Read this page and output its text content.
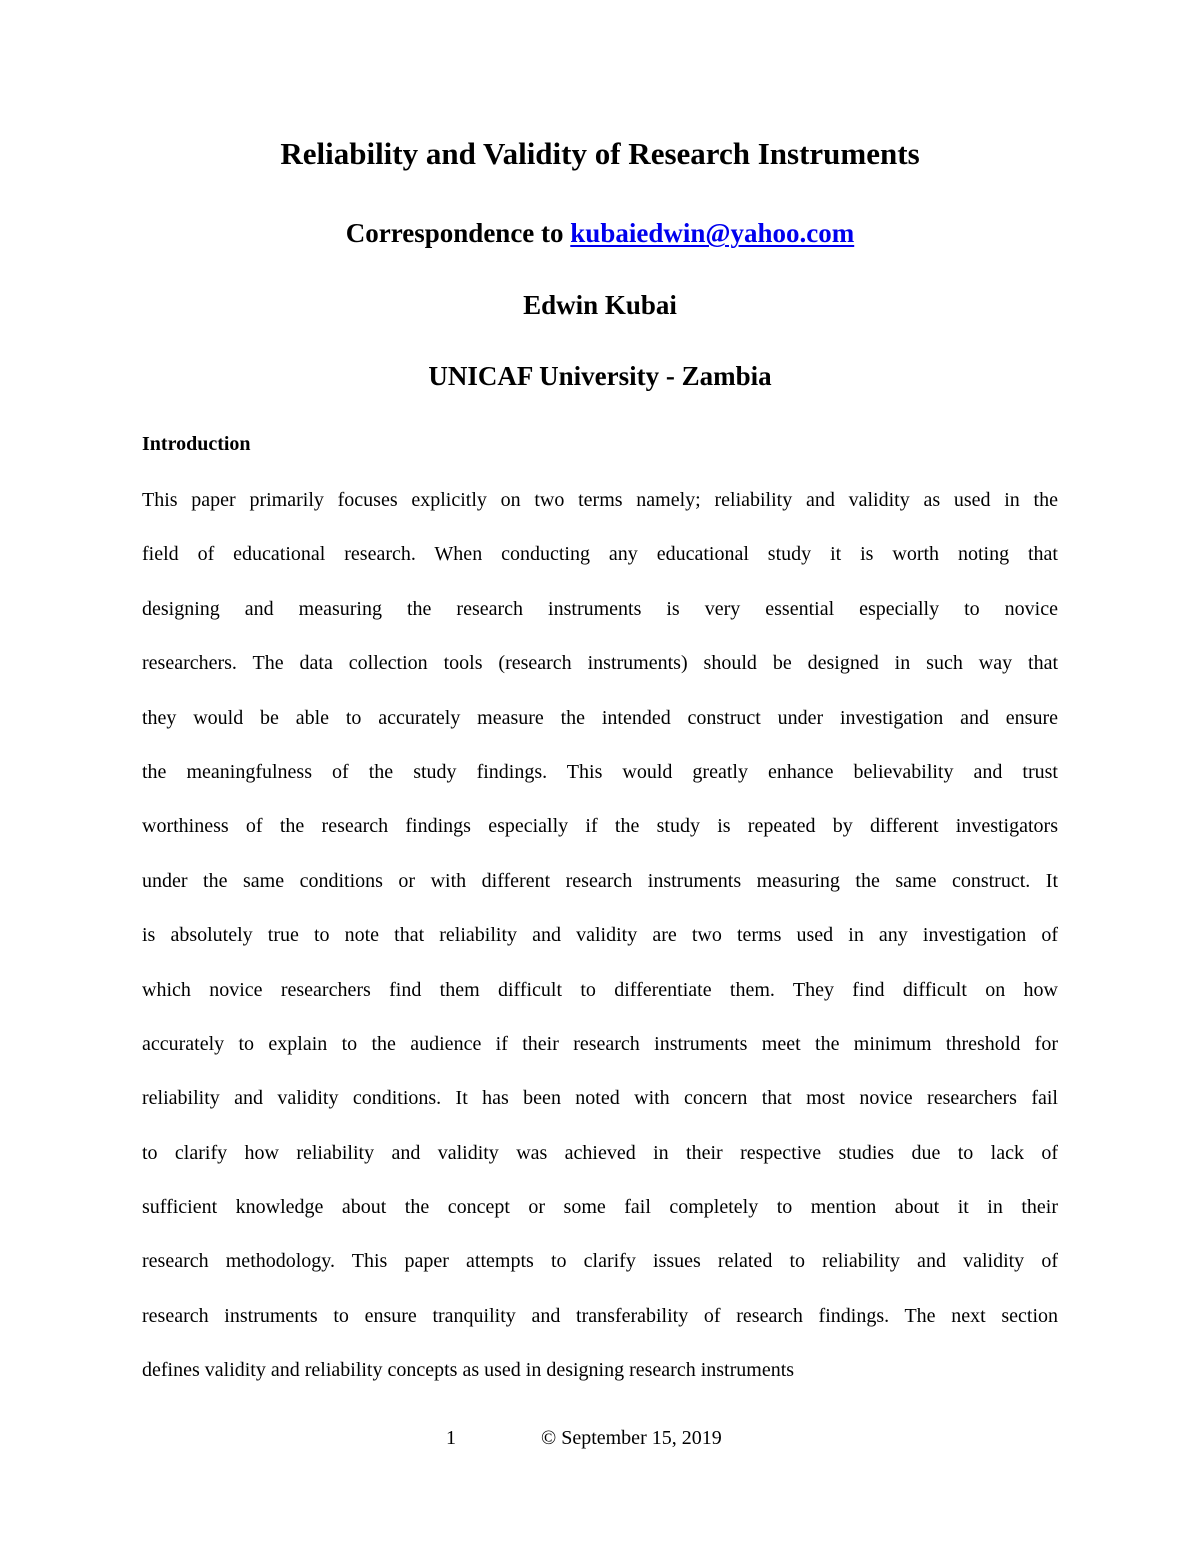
Reliability and Validity of Research Instruments
Correspondence to kubaiedwin@yahoo.com
Edwin Kubai
UNICAF University - Zambia
Introduction
This paper primarily focuses explicitly on two terms namely; reliability and validity as used in the
field of educational research. When conducting any educational study it is worth noting that
designing and measuring the research instruments is very essential especially to novice
researchers. The data collection tools (research instruments) should be designed in such way that
they would be able to accurately measure the intended construct under investigation and ensure
the meaningfulness of the study findings. This would greatly enhance believability and trust
worthiness of the research findings especially if the study is repeated by different investigators
under the same conditions or with different research instruments measuring the same construct. It
is absolutely true to note that reliability and validity are two terms used in any investigation of
which novice researchers find them difficult to differentiate them. They find difficult on how
accurately to explain to the audience if their research instruments meet the minimum threshold for
reliability and validity conditions. It has been noted with concern that most novice researchers fail
to clarify how reliability and validity was achieved in their respective studies due to lack of
sufficient knowledge about the concept or some fail completely to mention about it in their
research methodology. This paper attempts to clarify issues related to reliability and validity of
research instruments to ensure tranquility and transferability of research findings. The next section
defines validity and reliability concepts as used in designing research instruments
1	© September 15, 2019
